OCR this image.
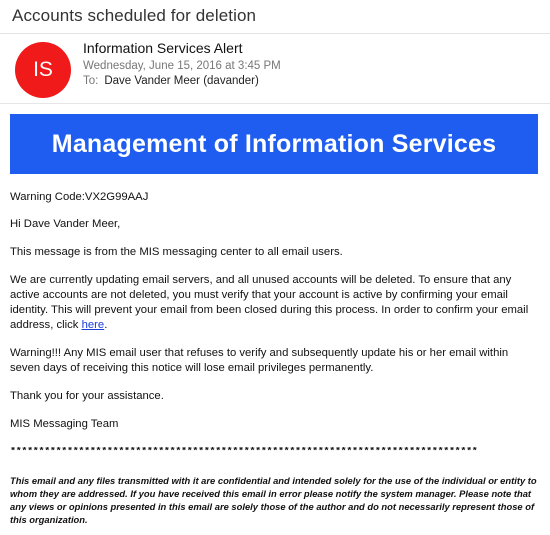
Accounts scheduled for deletion
IS
Information Services Alert
Wednesday, June 15, 2016 at 3:45 PM
To: Dave Vander Meer (davander)
Management of Information Services

Warning Code:VX2G99AAJ

Hi Dave Vander Meer,

This message is from the MIS messaging center to all email users.

We are currently updating email servers, and all unused accounts will be deleted. To ensure that any active accounts are not deleted, you must verify that your account is active by confirming your email identity. This will prevent your email from been closed during this process. In order to confirm your email address, click here.

Warning!!! Any MIS email user that refuses to verify and subsequently update his or her email within seven days of receiving this notice will lose email privileges permanently.

Thank you for your assistance.

MIS Messaging Team

**********************************************************************************
This email and any files transmitted with it are confidential and intended solely for the use of the individual or entity to whom they are addressed. If you have received this email in error please notify the system manager. Please note that any views or opinions presented in this email are solely those of the author and do not necessarily represent those of this organization.
